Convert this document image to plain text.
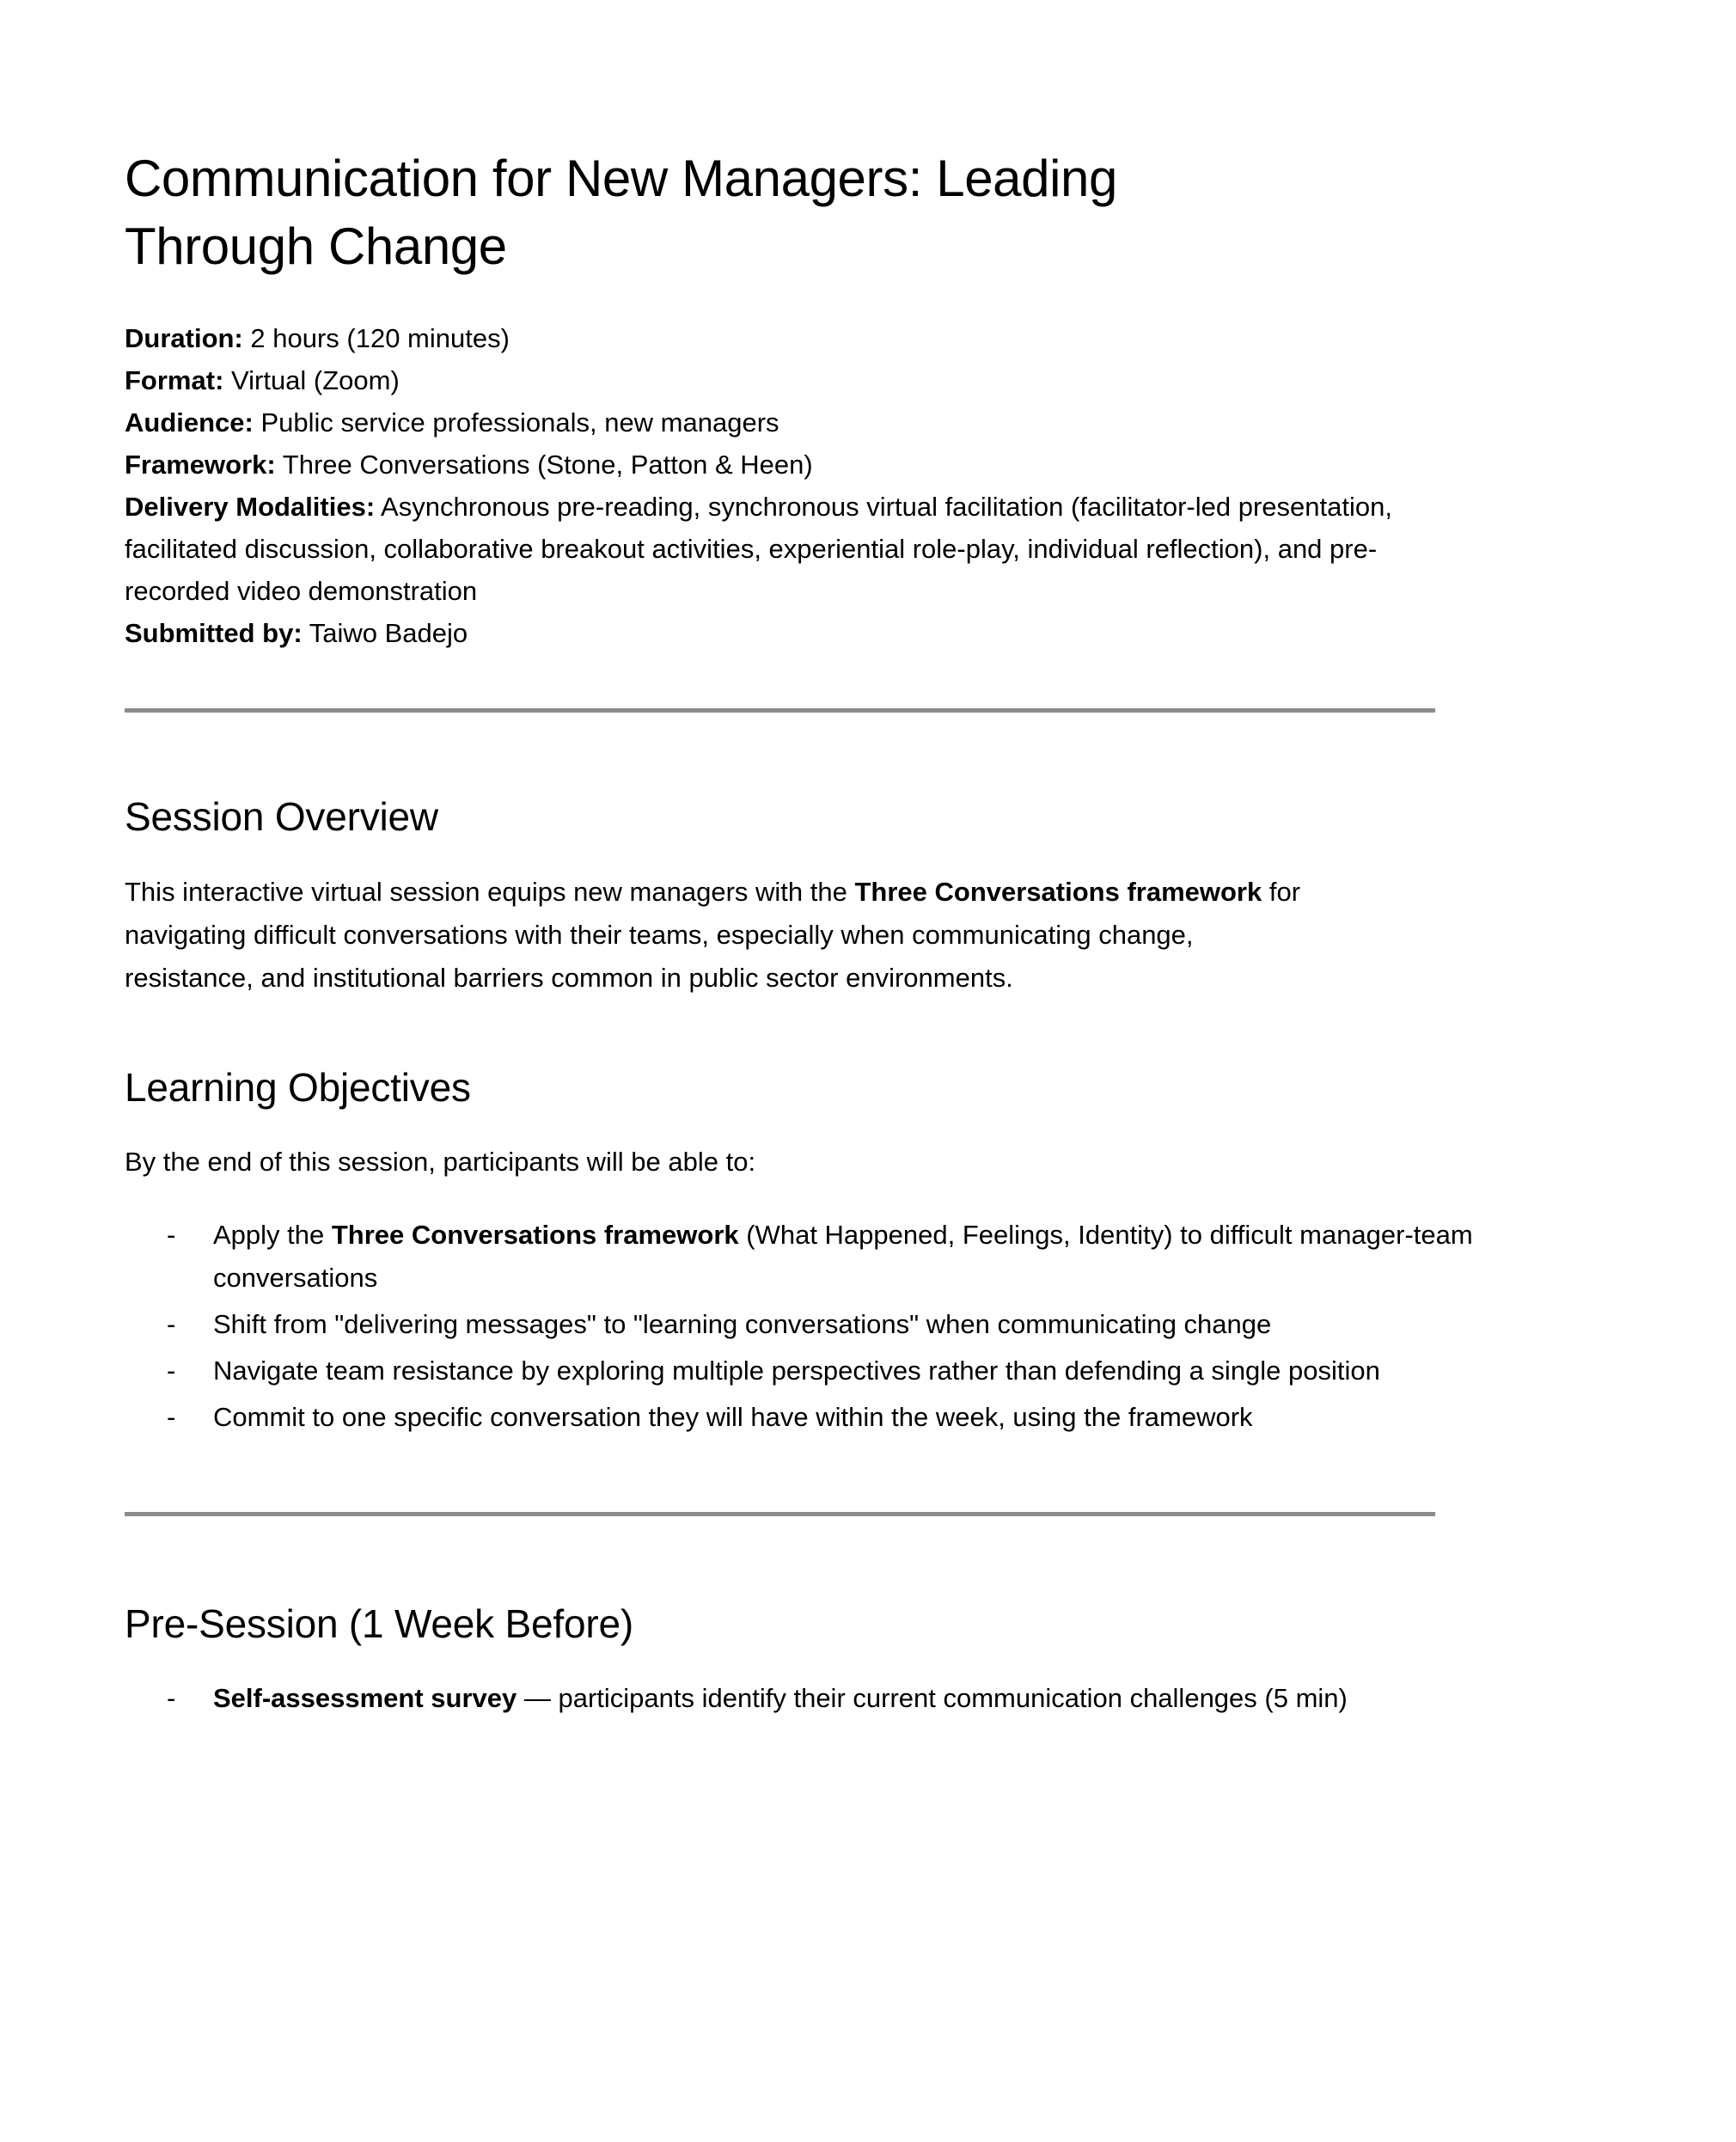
Communication for New Managers: Leading Through Change
Duration: 2 hours (120 minutes)
Format: Virtual (Zoom)
Audience: Public service professionals, new managers
Framework: Three Conversations (Stone, Patton & Heen)
Delivery Modalities: Asynchronous pre-reading, synchronous virtual facilitation (facilitator-led presentation, facilitated discussion, collaborative breakout activities, experiential role-play, individual reflection), and pre-recorded video demonstration
Submitted by: Taiwo Badejo
Session Overview

This interactive virtual session equips new managers with the Three Conversations framework for navigating difficult conversations with their teams, especially when communicating change, resistance, and institutional barriers common in public sector environments.

Learning Objectives

By the end of this session, participants will be able to:

- Apply the Three Conversations framework (What Happened, Feelings, Identity) to difficult manager-team conversations
- Shift from "delivering messages" to "learning conversations" when communicating change
- Navigate team resistance by exploring multiple perspectives rather than defending a single position
- Commit to one specific conversation they will have within the week, using the framework
Pre-Session (1 Week Before)
- Self-assessment survey — participants identify their current communication challenges (5 min)
